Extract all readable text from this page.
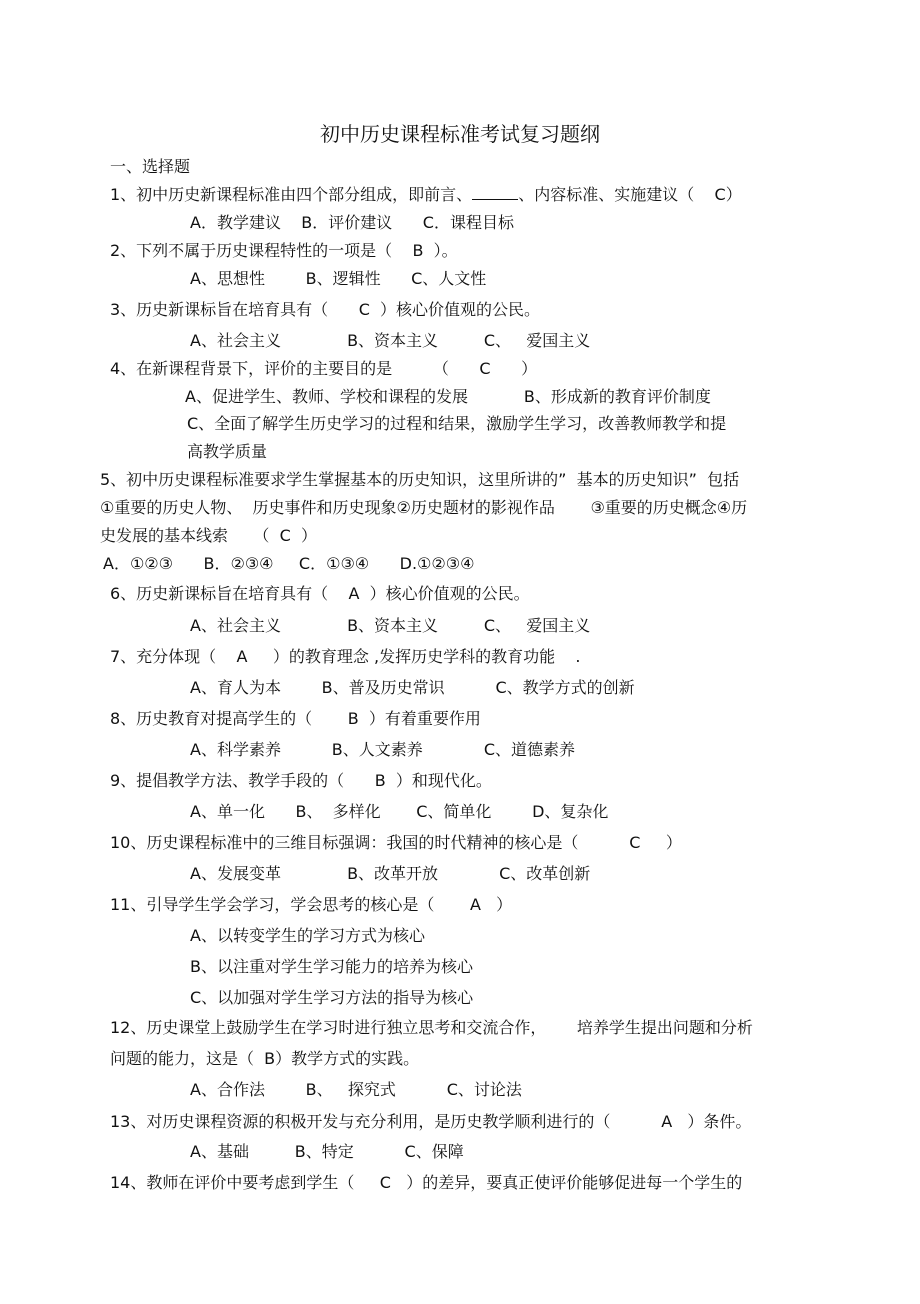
初中历史课程标准考试复习题纲
一、选择题
1、初中历史新课程标准由四个部分组成，即前言、	、内容标准、实施建议（    C）
A．教学建议    B．评价建议      C．课程目标
2、下列不属于历史课程特性的一项是（    B  ）。
A、思想性        B、逻辑性      C、人文性
3、历史新课标旨在培育具有（      C  ）核心价值观的公民。
A、社会主义             B、资本主义         C、   爱国主义
4、在新课程背景下，评价的主要目的是        （      C      ）
A、促进学生、教师、学校和课程的发展           B、形成新的教育评价制度
C、全面了解学生历史学习的过程和结果，激励学生学习，改善教师教学和提
高教学质量
5、初中历史课程标准要求学生掌握基本的历史知识，这里所讲的”  基本的历史知识”  包括
①重要的历史人物、  历史事件和历史现象②历史题材的影视作品       ③重要的历史概念④历
史发展的基本线索     （  C  ）
A．①②③      B．②③④     C．①③④      D.①②③④
6、历史新课标旨在培育具有（    A  ）核心价值观的公民。
A、社会主义             B、资本主义         C、   爱国主义
7、充分体现（    A     ）的教育理念 ,发挥历史学科的教育功能    .
A、育人为本        B、普及历史常识          C、教学方式的创新
8、历史教育对提高学生的（       B  ）有着重要作用
A、科学素养          B、人文素养            C、道德素养
9、提倡教学方法、教学手段的（      B  ）和现代化。
A、单一化      B、  多样化       C、简单化        D、复杂化
10、历史课程标准中的三维目标强调：我国的时代精神的核心是（          C     ）
A、发展变革             B、改革开放            C、改革创新
11、引导学生学会学习，学会思考的核心是（       A   ）
A、以转变学生的学习方式为核心
B、以注重对学生学习能力的培养为核心
C、以加强对学生学习方法的指导为核心
12、历史课堂上鼓励学生在学习时进行独立思考和交流合作，      培养学生提出问题和分析
问题的能力，这是（  B）教学方式的实践。
A、合作法        B、   探究式          C、讨论法
13、对历史课程资源的积极开发与充分利用，是历史教学顺利进行的（          A   ）条件。
A、基础         B、特定          C、保障
14、教师在评价中要考虑到学生（     C   ）的差异，要真正使评价能够促进每一个学生的
